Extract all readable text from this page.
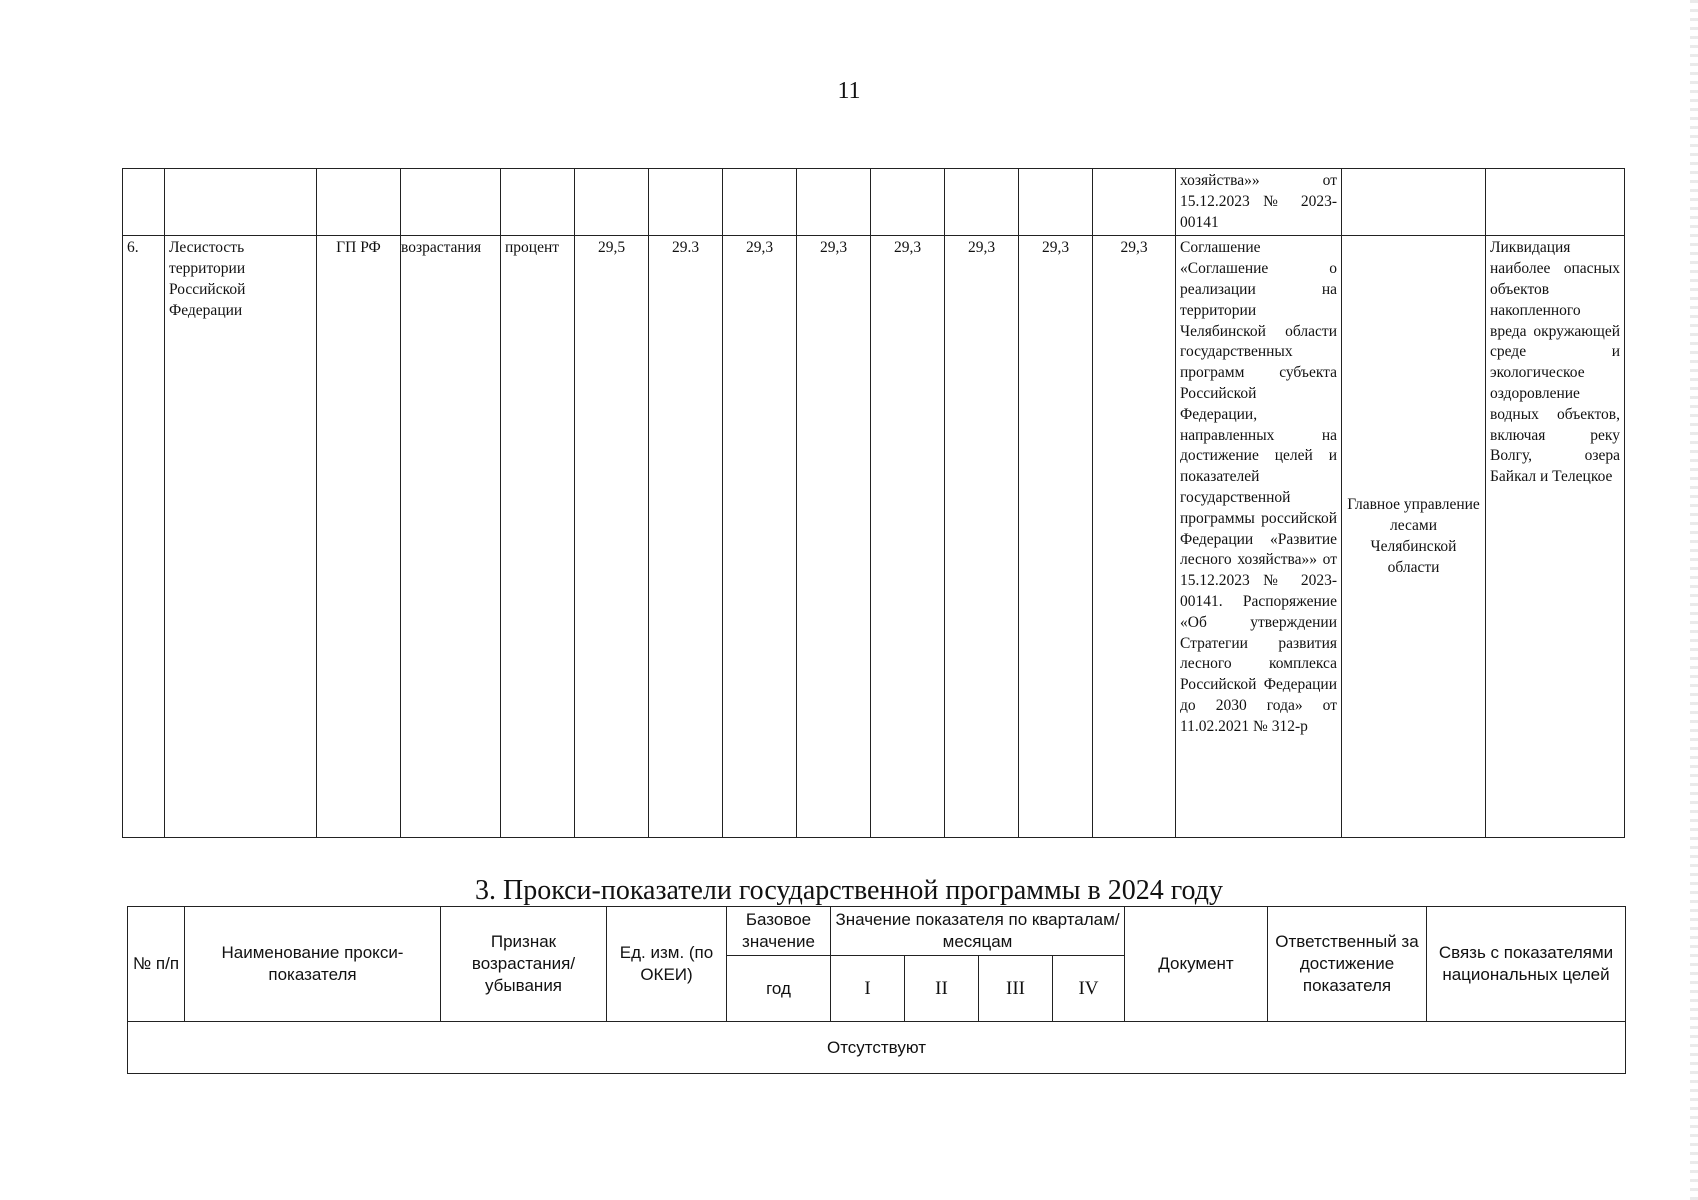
11
													хозяйства»» от 15.12.2023 № 2023-00141		
6.	Лесистость территории Российской Федерации	ГП РФ	возрастания	процент	29,5	29.3	29,3	29,3	29,3	29,3	29,3	29,3	Соглашение «Соглашение о реализации на территории Челябинской области государственных программ субъекта Российской Федерации, направленных на достижение целей и показателей государственной программы российской Федерации «Развитие лесного хозяйства»» от 15.12.2023 № 2023-00141. Распоряжение «Об утверждении Стратегии развития лесного комплекса Российской Федерации до 2030 года» от 11.02.2021 № 312-р	Главное управление лесами Челябинской области	Ликвидация наиболее опасных объектов накопленного вреда окружающей среде и экологическое оздоровление водных объектов, включая реку Волгу, озера Байкал и Телецкое
3. Прокси-показатели государственной программы в 2024 году
№ п/п	Наименование прокси-показателя	Признак возрастания/ убывания	Ед. изм. (по ОКЕИ)	Базовое значение	Значение показателя по кварталам/месяцам				Документ	Ответственный за достижение показателя	Связь с показателями национальных целей
				год	I	II	III	IV			
Отсутствуют											
